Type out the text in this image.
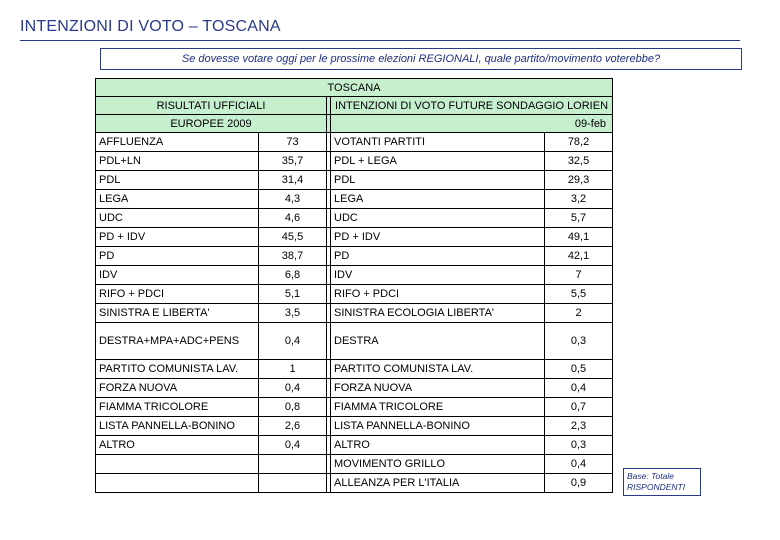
INTENZIONI DI VOTO – TOSCANA
Se dovesse votare oggi per le prossime elezioni REGIONALI, quale partito/movimento voterebbe?
TOSCANA				
RISULTATI UFFICIALI			INTENZIONI DI VOTO FUTURE SONDAGGIO LORIEN	
EUROPEE 2009			09-feb	
AFFLUENZA	73		VOTANTI PARTITI	78,2
PDL+LN	35,7		PDL + LEGA	32,5
PDL	31,4		PDL	29,3
LEGA	4,3		LEGA	3,2
UDC	4,6		UDC	5,7
PD + IDV	45,5		PD + IDV	49,1
PD	38,7		PD	42,1
IDV	6,8		IDV	7
RIFO + PDCI	5,1		RIFO + PDCI	5,5
SINISTRA E LIBERTA'	3,5		SINISTRA ECOLOGIA LIBERTA'	2
DESTRA+MPA+ADC+PENS	0,4		DESTRA	0,3
PARTITO COMUNISTA LAV.	1		PARTITO COMUNISTA LAV.	0,5
FORZA NUOVA	0,4		FORZA NUOVA	0,4
FIAMMA TRICOLORE	0,8		FIAMMA TRICOLORE	0,7
LISTA PANNELLA-BONINO	2,6		LISTA PANNELLA-BONINO	2,3
ALTRO	0,4		ALTRO	0,3
			MOVIMENTO GRILLO	0,4
			ALLEANZA PER L'ITALIA	0,9
Base: Totale
RISPONDENTI
